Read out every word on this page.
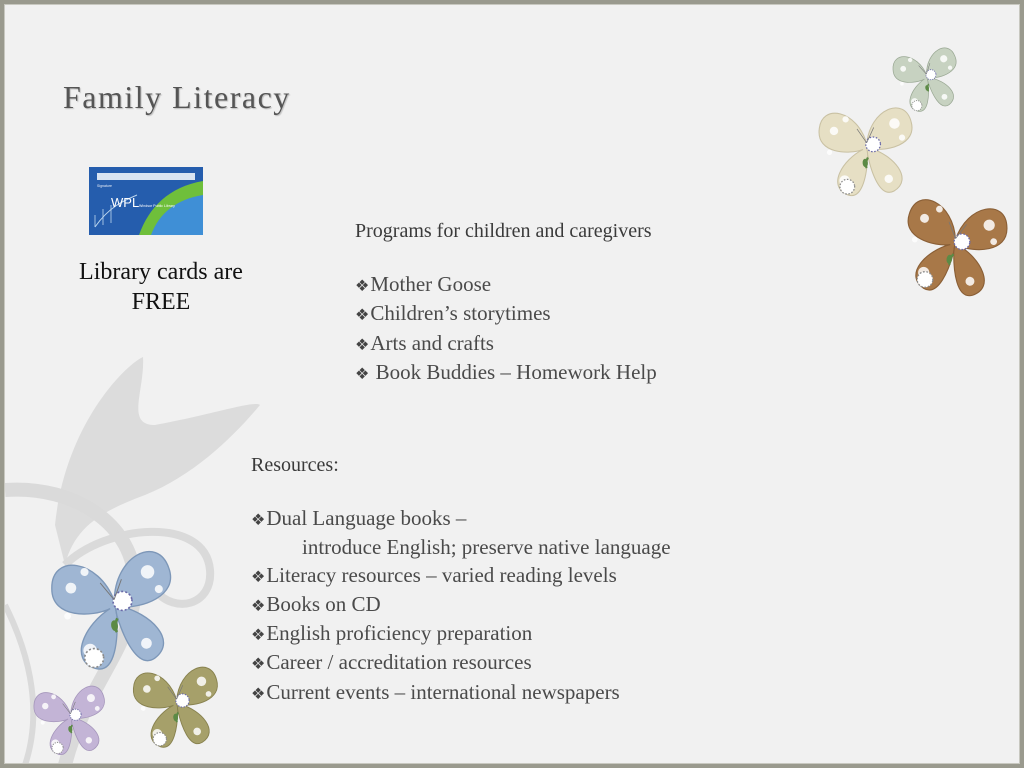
Family Literacy
Signature
WPL Windsor Public Library
Library cards are
FREE
Programs for children and caregivers
❖Mother Goose
❖Children’s storytimes
❖Arts and crafts
❖ Book Buddies – Homework Help
Resources:
❖Dual Language books –
introduce English; preserve native language
❖Literacy resources – varied reading levels
❖Books on CD
❖English proficiency preparation
❖Career / accreditation resources
❖Current events – international newspapers
